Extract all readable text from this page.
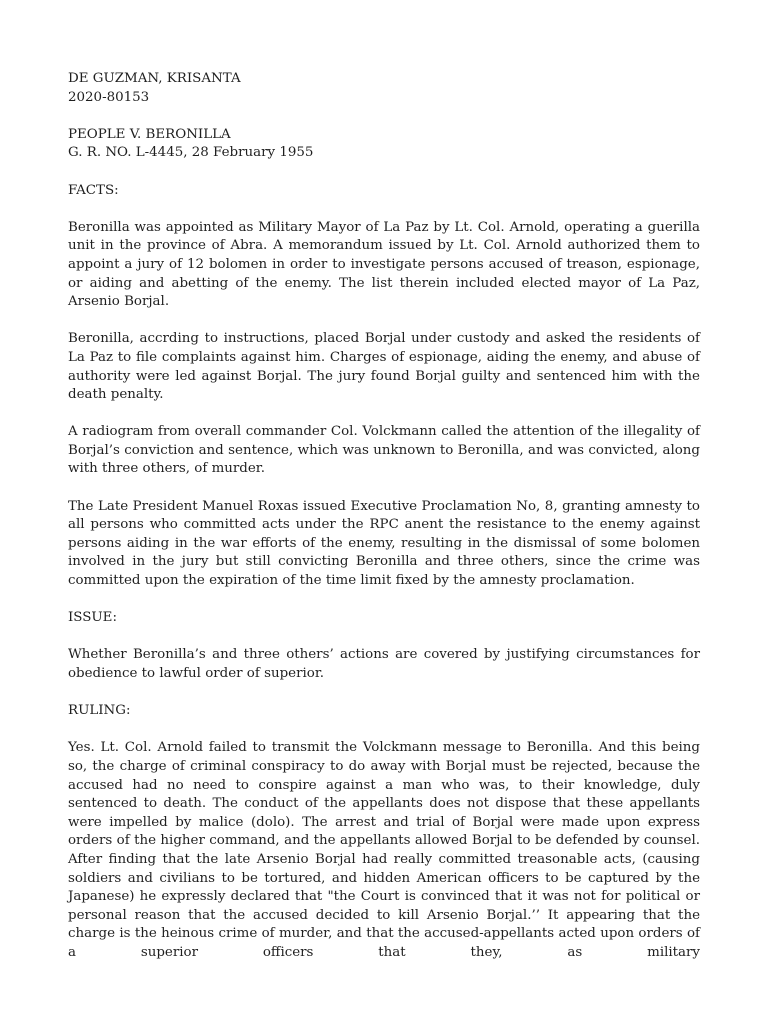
DE GUZMAN, KRISANTA

2020-80153

PEOPLE V. BERONILLA

G. R. NO. L-4445, 28 February 1955

FACTS:

Beronilla was appointed as Military Mayor of La Paz by Lt. Col. Arnold, operating a guerilla unit in the province of Abra. A memorandum issued by Lt. Col. Arnold authorized them to appoint a jury of 12 bolomen in order to investigate persons accused of treason, espionage, or aiding and abetting of the enemy. The list therein included elected mayor of La Paz, Arsenio Borjal.

Beronilla, accrding to instructions, placed Borjal under custody and asked the residents of La Paz to file complaints against him. Charges of espionage, aiding the enemy, and abuse of authority were led against Borjal. The jury found Borjal guilty and sentenced him with the death penalty.

A radiogram from overall commander Col. Volckmann called the attention of the illegality of Borjal’s conviction and sentence, which was unknown to Beronilla, and was convicted, along with three others, of murder.

The Late President Manuel Roxas issued Executive Proclamation No, 8, granting amnesty to all persons who committed acts under the RPC anent the resistance to the enemy against persons aiding in the war efforts of the enemy, resulting in the dismissal of some bolomen involved in the jury but still convicting Beronilla and three others, since the crime was committed upon the expiration of the time limit fixed by the amnesty proclamation.

ISSUE:

Whether Beronilla’s and three others’ actions are covered by justifying circumstances for obedience to lawful order of superior.

RULING:

Yes. Lt. Col. Arnold failed to transmit the Volckmann message to Beronilla. And this being so, the charge of criminal conspiracy to do away with Borjal must be rejected, because the accused had no need to conspire against a man who was, to their knowledge, duly sentenced to death. The conduct of the appellants does not dispose that these appellants were impelled by malice (dolo). The arrest and trial of Borjal were made upon express orders of the higher command, and the appellants allowed Borjal to be defended by counsel. After finding that the late Arsenio Borjal had really committed treasonable acts, (causing soldiers and civilians to be tortured, and hidden American officers to be captured by the Japanese) he expressly declared that "the Court is convinced that it was not for political or personal reason that the accused decided to kill Arsenio Borjal.’’ It appearing that the charge is the heinous crime of murder, and that the accused-appellants acted upon orders of a superior officers that they, as military
